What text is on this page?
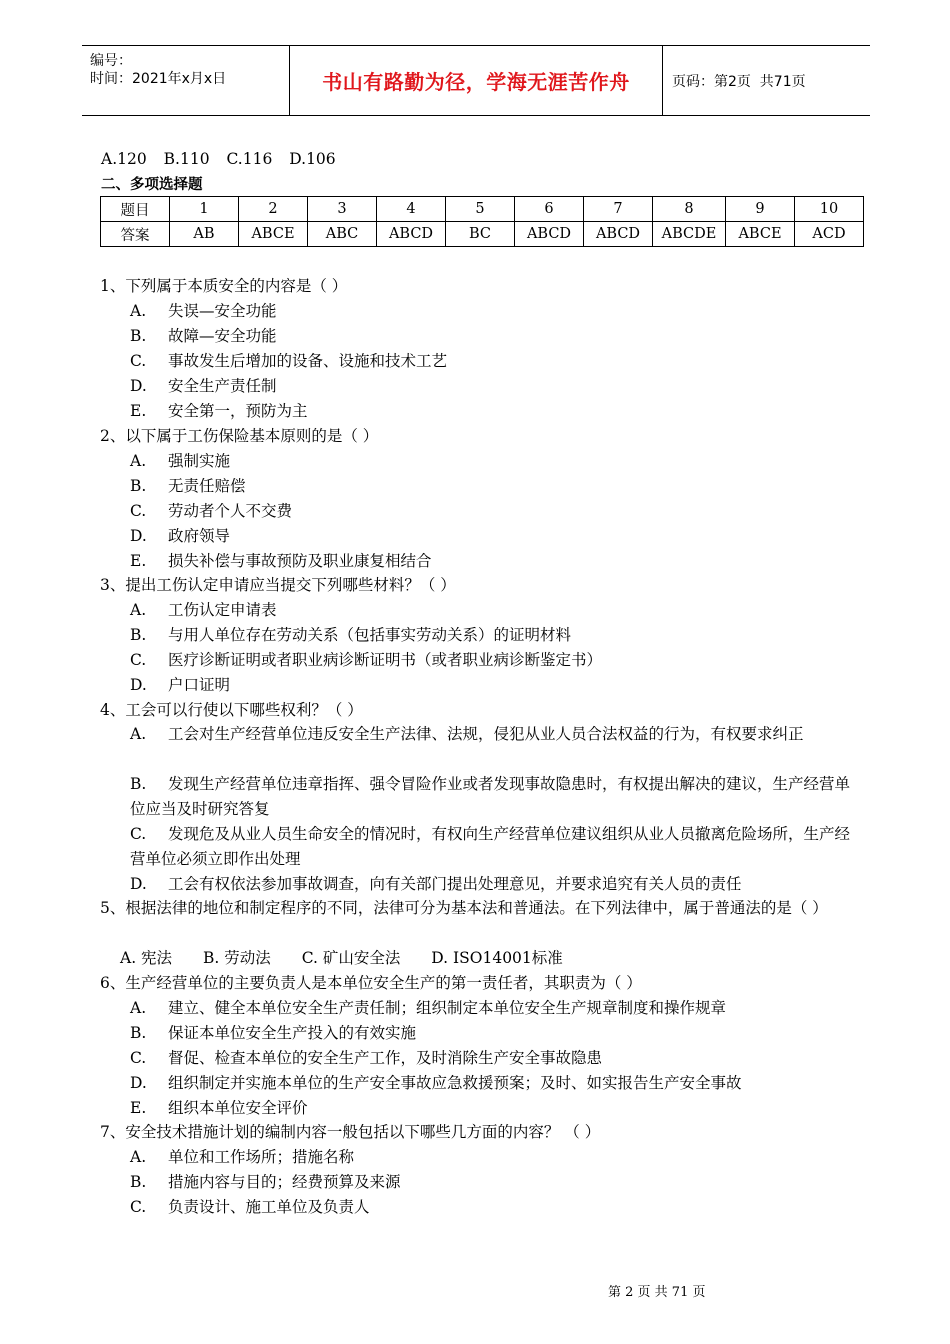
编号：
时间：2021年x月x日	书山有路勤为径，学海无涯苦作舟	页码：第2页  共71页
A.120 B.110 C.116 D.106
二、多项选择题
题目	1	2	3	4	5	6	7	8	9	10
答案	AB	ABCE	ABC	ABCD	BC	ABCD	ABCD	ABCDE	ABCE	ACD
1、下列属于本质安全的内容是（ ）
A. 失误—安全功能
B. 故障—安全功能
C. 事故发生后增加的设备、设施和技术工艺
D. 安全生产责任制
E. 安全第一，预防为主
2、以下属于工伤保险基本原则的是（ ）
A. 强制实施
B. 无责任赔偿
C. 劳动者个人不交费
D. 政府领导
E. 损失补偿与事故预防及职业康复相结合
3、提出工伤认定申请应当提交下列哪些材料？（ ）
A. 工伤认定申请表
B. 与用人单位存在劳动关系（包括事实劳动关系）的证明材料
C. 医疗诊断证明或者职业病诊断证明书（或者职业病诊断鉴定书）
D. 户口证明
4、工会可以行使以下哪些权利？（ ）
A. 工会对生产经营单位违反安全生产法律、法规，侵犯从业人员合法权益的行为，有权要求纠正
B. 发现生产经营单位违章指挥、强令冒险作业或者发现事故隐患时，有权提出解决的建议，生产经营单位应当及时研究答复
C. 发现危及从业人员生命安全的情况时，有权向生产经营单位建议组织从业人员撤离危险场所，生产经营单位必须立即作出处理
D. 工会有权依法参加事故调查，向有关部门提出处理意见，并要求追究有关人员的责任
5、根据法律的地位和制定程序的不同，法律可分为基本法和普通法。在下列法律中，属于普通法的是（ ）
A. 宪法 B. 劳动法 C. 矿山安全法 D. ISO14001标准
6、生产经营单位的主要负责人是本单位安全生产的第一责任者，其职责为（ ）
A. 建立、健全本单位安全生产责任制；组织制定本单位安全生产规章制度和操作规章
B. 保证本单位安全生产投入的有效实施
C. 督促、检查本单位的安全生产工作，及时消除生产安全事故隐患
D. 组织制定并实施本单位的生产安全事故应急救援预案；及时、如实报告生产安全事故
E. 组织本单位安全评价
7、安全技术措施计划的编制内容一般包括以下哪些几方面的内容？ （ ）
A. 单位和工作场所；措施名称
B. 措施内容与目的；经费预算及来源
C. 负责设计、施工单位及负责人
第 2 页 共 71 页
